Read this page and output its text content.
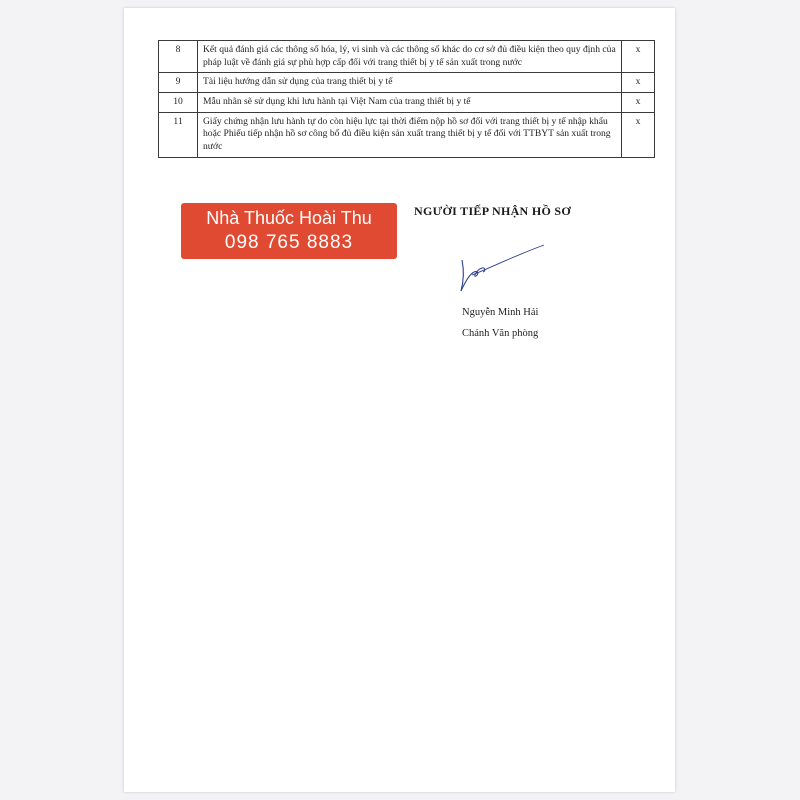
8	Kết quả đánh giá các thông số hóa, lý, vi sinh và các thông số khác do cơ sở đủ điều kiện theo quy định của pháp luật về đánh giá sự phù hợp cấp đối với trang thiết bị y tế sản xuất trong nước	x
9	Tài liệu hướng dẫn sử dụng của trang thiết bị y tế	x
10	Mẫu nhãn sẽ sử dụng khi lưu hành tại Việt Nam của trang thiết bị y tế	x
11	Giấy chứng nhận lưu hành tự do còn hiệu lực tại thời điểm nộp hồ sơ đối với trang thiết bị y tế nhập khẩu hoặc Phiếu tiếp nhận hồ sơ công bố đủ điều kiện sản xuất trang thiết bị y tế đối với TTBYT sản xuất trong nước	x
Nhà Thuốc Hoài Thu
098 765 8883
NGƯỜI TIẾP NHẬN HỒ SƠ
Nguyễn Minh Hải
Chánh Văn phòng
